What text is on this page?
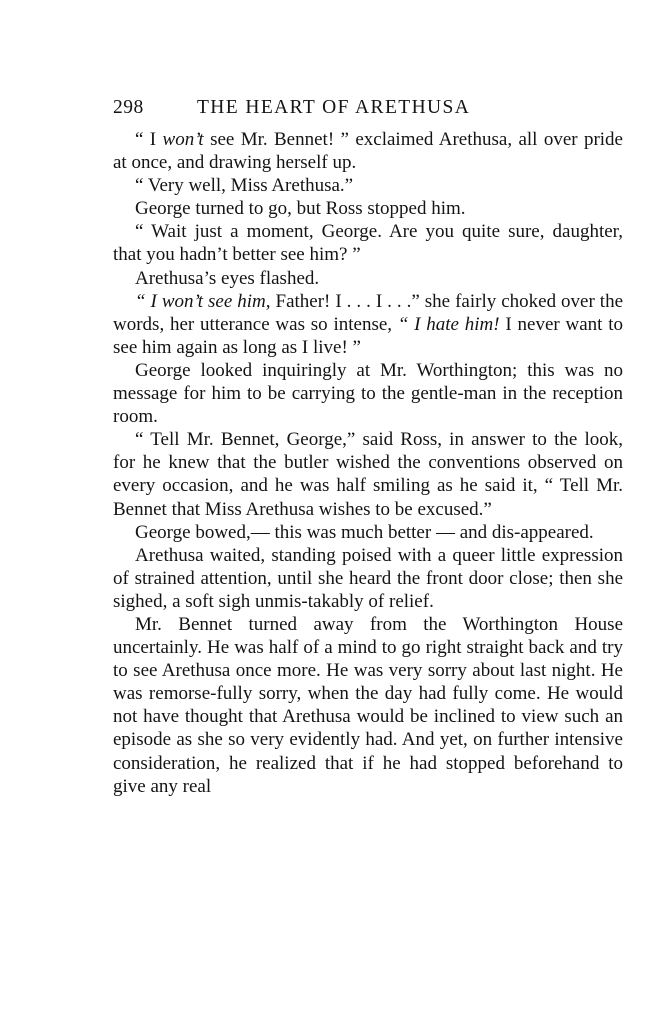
298	THE HEART OF ARETHUSA

“ I won’t see Mr. Bennet! ” exclaimed Arethusa, all over pride at once, and drawing herself up.

“ Very well, Miss Arethusa.”

George turned to go, but Ross stopped him.

“ Wait just a moment, George. Are you quite sure, daughter, that you hadn’t better see him? ”

Arethusa’s eyes flashed.

“ I won’t see him, Father! I . . . I . . .” she fairly choked over the words, her utterance was so intense, “ I hate him! I never want to see him again as long as I live! ”

George looked inquiringly at Mr. Worthington; this was no message for him to be carrying to the gentle-man in the reception room.

“ Tell Mr. Bennet, George,” said Ross, in answer to the look, for he knew that the butler wished the conventions observed on every occasion, and he was half smiling as he said it, “ Tell Mr. Bennet that Miss Arethusa wishes to be excused.”

George bowed,— this was much better — and dis-appeared.

Arethusa waited, standing poised with a queer little expression of strained attention, until she heard the front door close; then she sighed, a soft sigh unmis-takably of relief.

Mr. Bennet turned away from the Worthington House uncertainly. He was half of a mind to go right straight back and try to see Arethusa once more. He was very sorry about last night. He was remorse-fully sorry, when the day had fully come. He would not have thought that Arethusa would be inclined to view such an episode as she so very evidently had. And yet, on further intensive consideration, he realized that if he had stopped beforehand to give any real
